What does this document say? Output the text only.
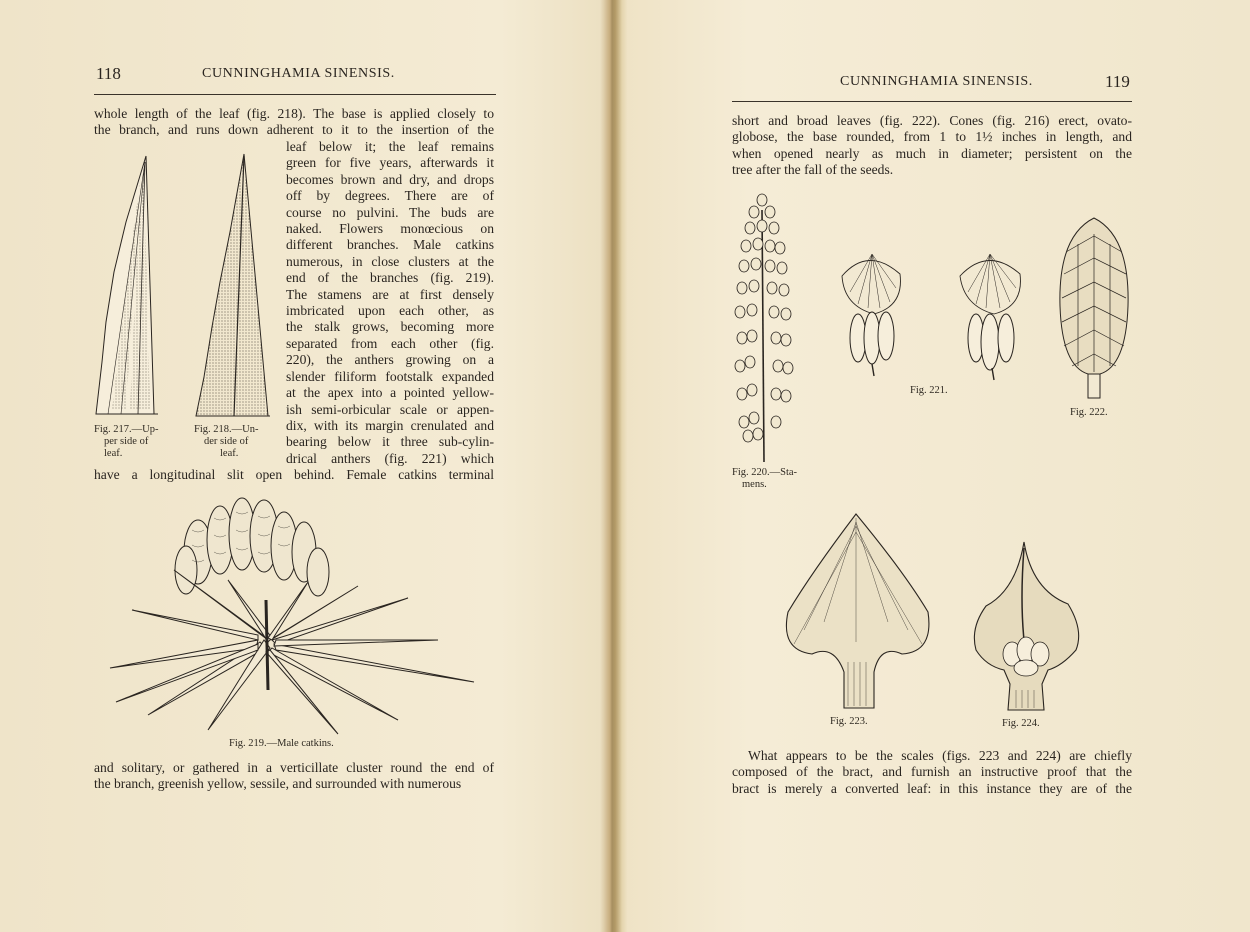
118	CUNNINGHAMIA SINENSIS.
whole length of the leaf (fig. 218). The base is applied closely to
the branch, and runs down adherent to it to the insertion of the
leaf below it; the leaf remains
green for five years, afterwards it
becomes brown and dry, and drops
off by degrees. There are of
course no pulvini. The buds are
naked. Flowers monœcious on
different branches. Male catkins
numerous, in close clusters at the
end of the branches (fig. 219).
The stamens are at first densely
imbricated upon each other, as
the stalk grows, becoming more
separated from each other (fig.
220), the anthers growing on a
slender filiform footstalk expanded
at the apex into a pointed yellow-
ish semi-orbicular scale or appen-
dix, with its margin crenulated and
bearing below it three sub-cylin-
drical anthers (fig. 221) which
Fig. 217.—Up-
per side of
leaf.
Fig. 218.—Un-
der side of
leaf.
have a longitudinal slit open behind. Female catkins terminal
Fig. 219.—Male catkins.
and solitary, or gathered in a verticillate cluster round the end of
the branch, greenish yellow, sessile, and surrounded with numerous
CUNNINGHAMIA SINENSIS.	119
short and broad leaves (fig. 222). Cones (fig. 216) erect, ovato-
globose, the base rounded, from 1 to 1½ inches in length, and
when opened nearly as much in diameter; persistent on the
tree after the fall of the seeds.
Fig. 220.—Sta-
mens.
Fig. 221.
Fig. 222.
Fig. 223.	Fig. 224.
What appears to be the scales (figs. 223 and 224) are chiefly
composed of the bract, and furnish an instructive proof that the
bract is merely a converted leaf: in this instance they are of the
